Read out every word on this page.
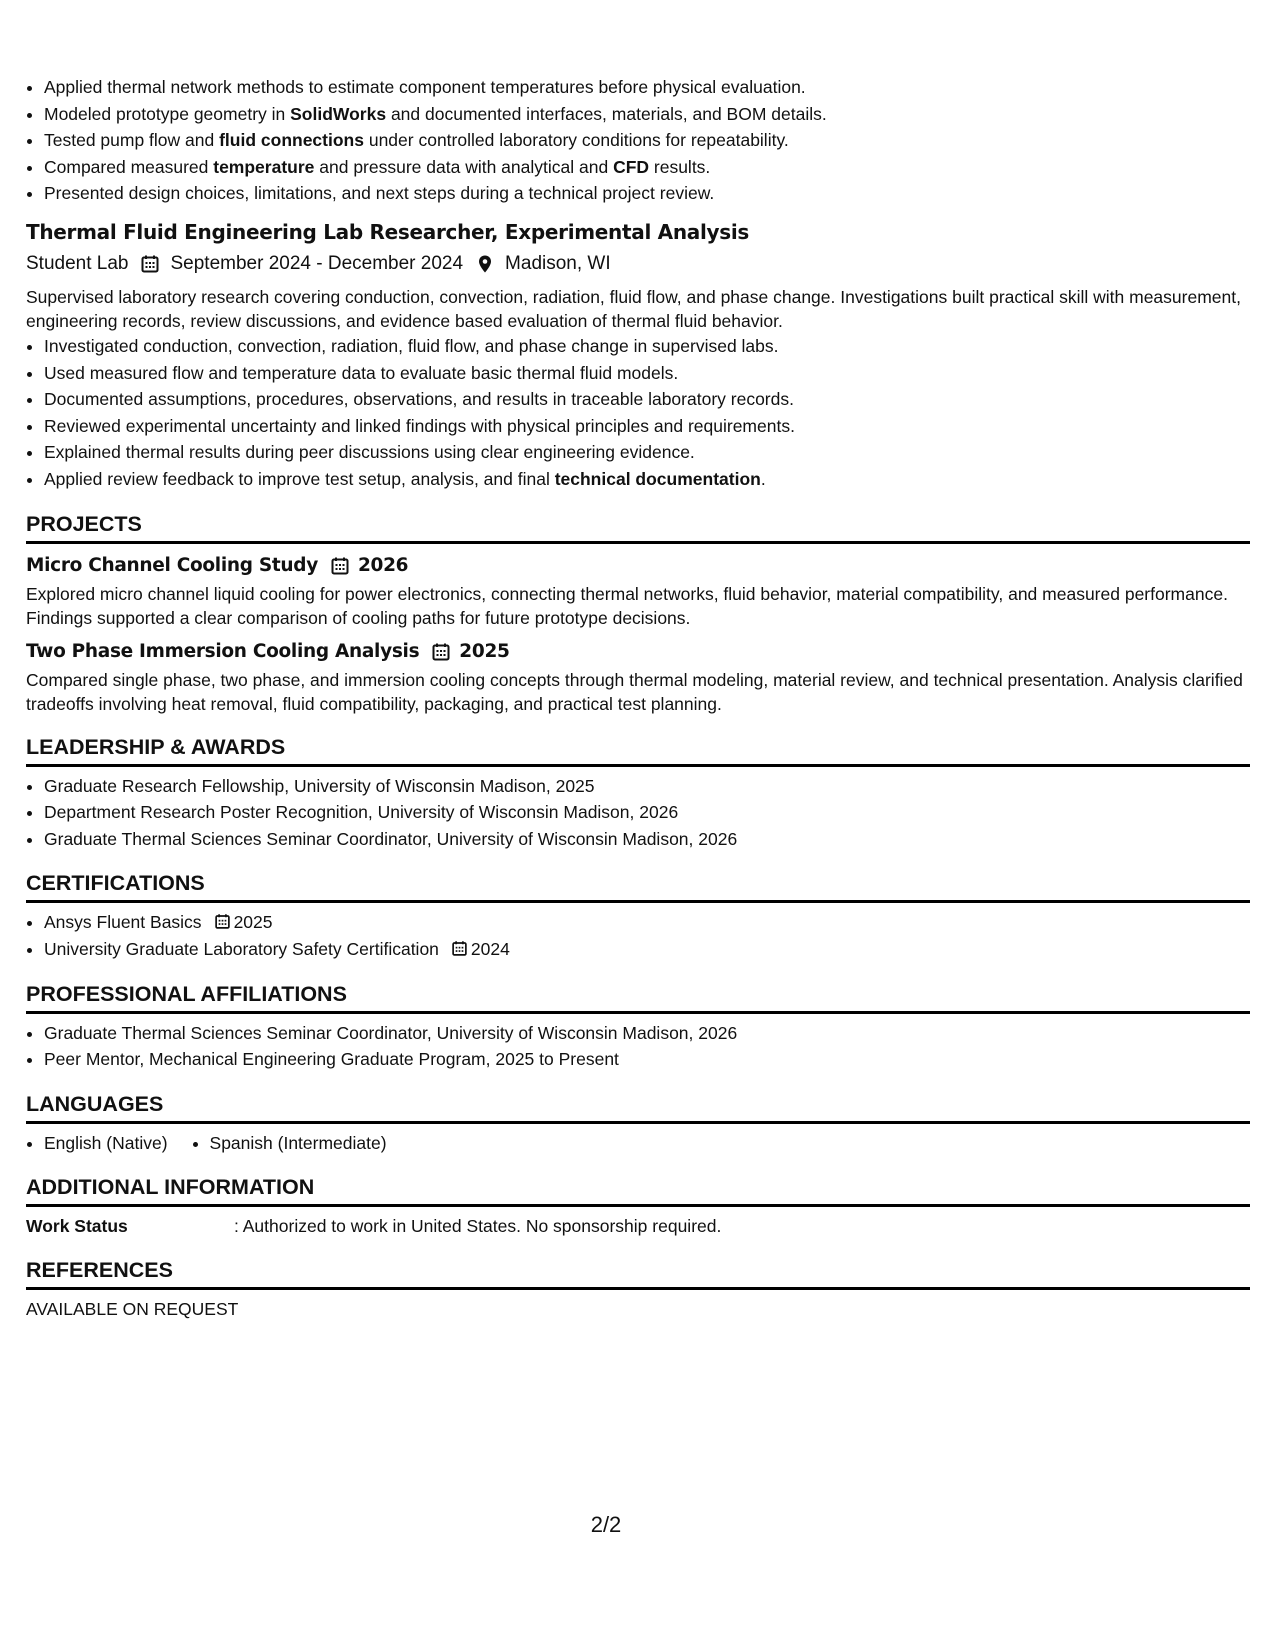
• Applied thermal network methods to estimate component temperatures before physical evaluation.
• Modeled prototype geometry in SolidWorks and documented interfaces, materials, and BOM details.
• Tested pump flow and fluid connections under controlled laboratory conditions for repeatability.
• Compared measured temperature and pressure data with analytical and CFD results.
• Presented design choices, limitations, and next steps during a technical project review.
Thermal Fluid Engineering Lab Researcher, Experimental Analysis
Student Lab September 2024 - December 2024 Madison, WI
Supervised laboratory research covering conduction, convection, radiation, fluid flow, and phase change. Investigations built practical skill with measurement, engineering records, review discussions, and evidence based evaluation of thermal fluid behavior.
• Investigated conduction, convection, radiation, fluid flow, and phase change in supervised labs.
• Used measured flow and temperature data to evaluate basic thermal fluid models.
• Documented assumptions, procedures, observations, and results in traceable laboratory records.
• Reviewed experimental uncertainty and linked findings with physical principles and requirements.
• Explained thermal results during peer discussions using clear engineering evidence.
• Applied review feedback to improve test setup, analysis, and final technical documentation.
PROJECTS
Micro Channel Cooling Study 2026
Explored micro channel liquid cooling for power electronics, connecting thermal networks, fluid behavior, material compatibility, and measured performance. Findings supported a clear comparison of cooling paths for future prototype decisions.
Two Phase Immersion Cooling Analysis 2025
Compared single phase, two phase, and immersion cooling concepts through thermal modeling, material review, and technical presentation. Analysis clarified tradeoffs involving heat removal, fluid compatibility, packaging, and practical test planning.
LEADERSHIP & AWARDS
• Graduate Research Fellowship, University of Wisconsin Madison, 2025
• Department Research Poster Recognition, University of Wisconsin Madison, 2026
• Graduate Thermal Sciences Seminar Coordinator, University of Wisconsin Madison, 2026
CERTIFICATIONS
• Ansys Fluent Basics 2025
• University Graduate Laboratory Safety Certification 2024
PROFESSIONAL AFFILIATIONS
• Graduate Thermal Sciences Seminar Coordinator, University of Wisconsin Madison, 2026
• Peer Mentor, Mechanical Engineering Graduate Program, 2025 to Present
LANGUAGES
• English (Native)
• Spanish (Intermediate)
ADDITIONAL INFORMATION
Work Status	: Authorized to work in United States. No sponsorship required.
REFERENCES
AVAILABLE ON REQUEST
2/2
